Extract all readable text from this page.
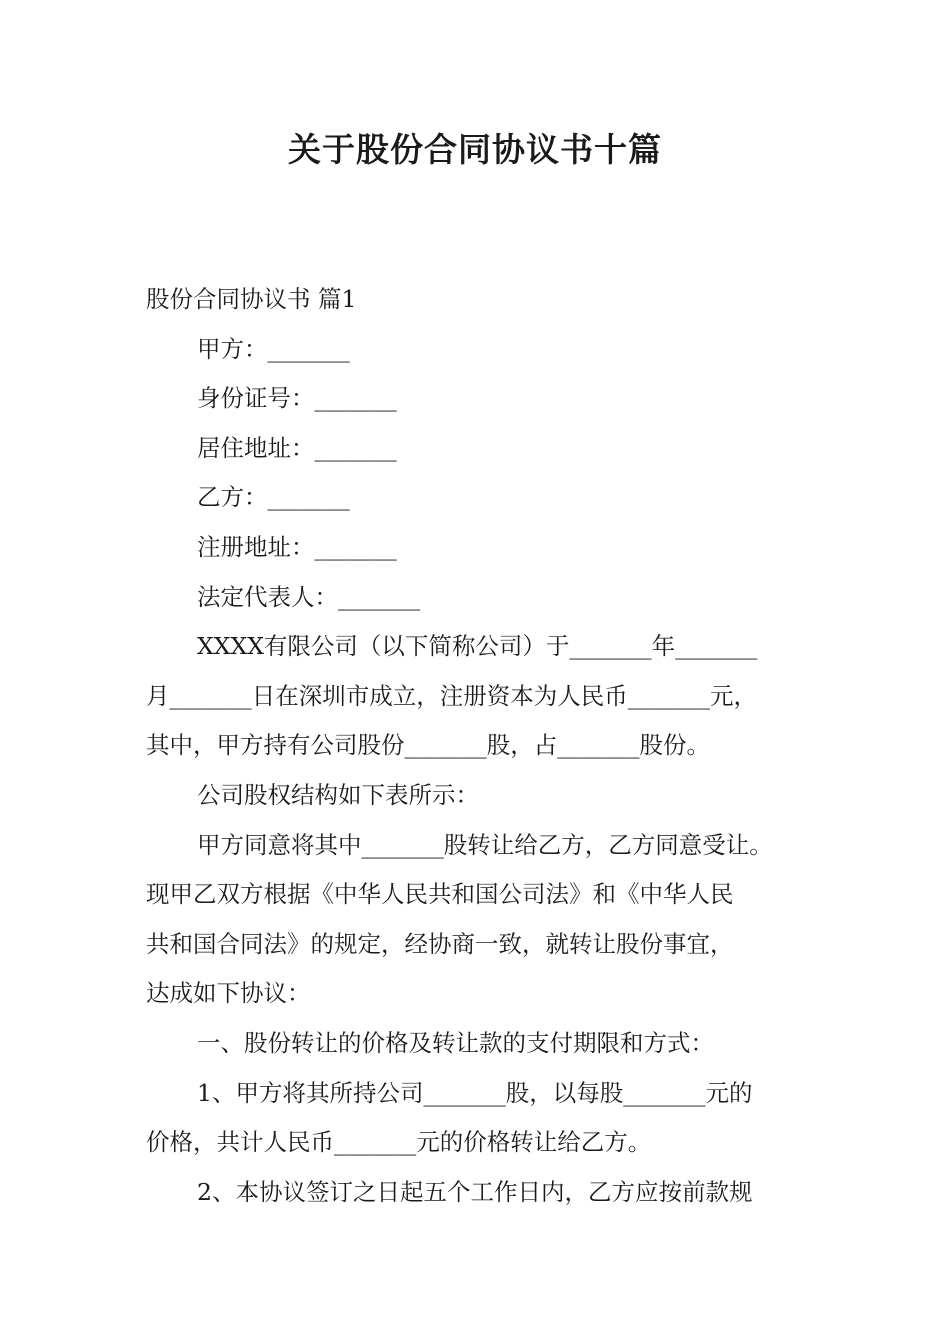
关于股份合同协议书十篇

股份合同协议书 篇1

甲方：_______

身份证号：_______

居住地址：_______

乙方：_______

注册地址：_______

法定代表人：_______

XXXX有限公司（以下简称公司）于_______年_______

月_______日在深圳市成立，注册资本为人民币_______元，

其中，甲方持有公司股份_______股，占_______股份。

公司股权结构如下表所示：

甲方同意将其中_______股转让给乙方，乙方同意受让。

现甲乙双方根据《中华人民共和国公司法》和《中华人民

共和国合同法》的规定，经协商一致，就转让股份事宜，

达成如下协议：

一、股份转让的价格及转让款的支付期限和方式：

1、甲方将其所持公司_______股，以每股_______元的

价格，共计人民币_______元的价格转让给乙方。

2、本协议签订之日起五个工作日内，乙方应按前款规
